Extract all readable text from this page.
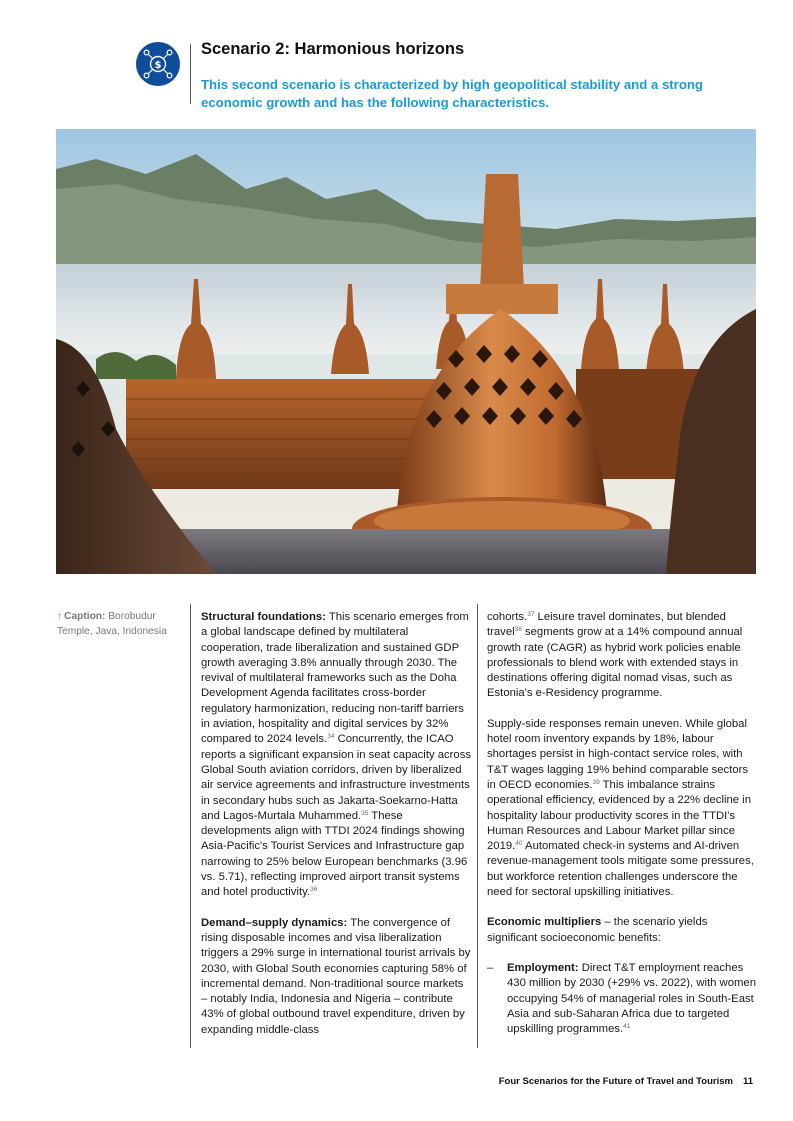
$
Scenario 2: Harmonious horizons
This second scenario is characterized by high geopolitical stability and a strong economic growth and has the following characteristics.
↑ Caption: Borobudur Temple, Java, Indonesia

Structural foundations: This scenario emerges from a global landscape defined by multilateral cooperation, trade liberalization and sustained GDP growth averaging 3.8% annually through 2030. The revival of multilateral frameworks such as the Doha Development Agenda facilitates cross-border regulatory harmonization, reducing non-tariff barriers in aviation, hospitality and digital services by 32% compared to 2024 levels.$^{34}$ Concurrently, the ICAO reports a significant expansion in seat capacity across Global South aviation corridors, driven by liberalized air service agreements and infrastructure investments in secondary hubs such as Jakarta-Soekarno-Hatta and Lagos-Murtala Muhammed.$^{35}$ These developments align with TTDI 2024 findings showing Asia-Pacific's Tourist Services and Infrastructure gap narrowing to 25% below European benchmarks (3.96 vs. 5.71), reflecting improved airport transit systems and hotel productivity.$^{36}$

Demand–supply dynamics: The convergence of rising disposable incomes and visa liberalization triggers a 29% surge in international tourist arrivals by 2030, with Global South economies capturing 58% of incremental demand. Non-traditional source markets – notably India, Indonesia and Nigeria – contribute 43% of global outbound travel expenditure, driven by expanding middle-class

cohorts.$^{37}$ Leisure travel dominates, but blended travel$^{38}$ segments grow at a 14% compound annual growth rate (CAGR) as hybrid work policies enable professionals to blend work with extended stays in destinations offering digital nomad visas, such as Estonia's e-Residency programme.

Supply-side responses remain uneven. While global hotel room inventory expands by 18%, labour shortages persist in high-contact service roles, with T&T wages lagging 19% behind comparable sectors in OECD economies.$^{39}$ This imbalance strains operational efficiency, evidenced by a 22% decline in hospitality labour productivity scores in the TTDI's Human Resources and Labour Market pillar since 2019.40 Automated check-in systems and AI-driven revenue-management tools mitigate some pressures, but workforce retention challenges underscore the need for sectoral upskilling initiatives.

Economic multipliers – the scenario yields significant socioeconomic benefits:

–	Employment: Direct T&T employment reaches 430 million by 2030 (+29% vs. 2022), with women occupying 54% of managerial roles in South-East Asia and sub-Saharan Africa due to targeted upskilling programmes.$^{41}$
Four Scenarios for the Future of Travel and Tourism 11
